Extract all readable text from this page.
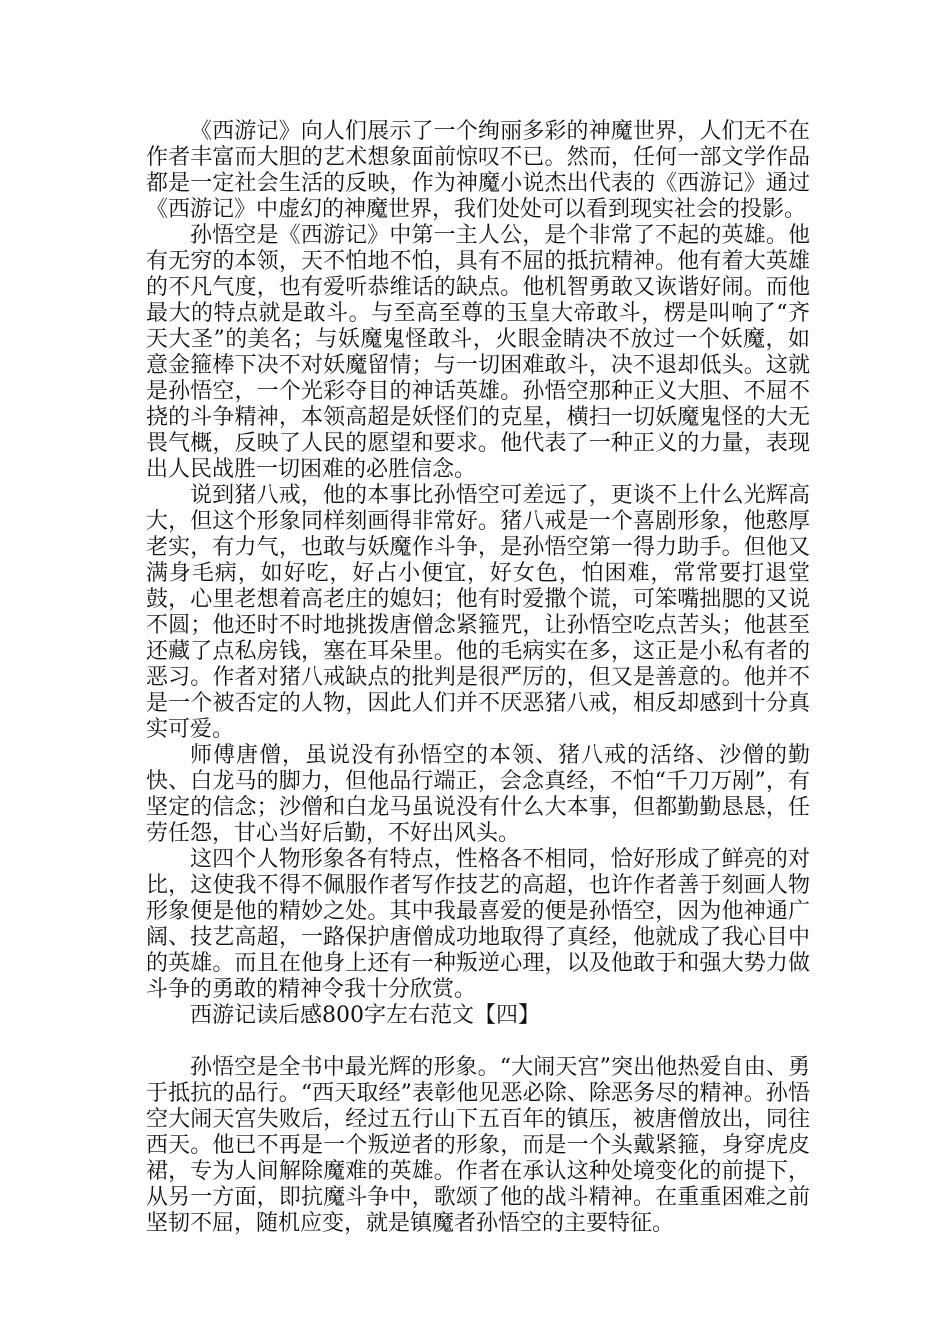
《西游记》向人们展示了一个绚丽多彩的神魔世界，人们无不在作者丰富而大胆的艺术想象面前惊叹不已。然而，任何一部文学作品都是一定社会生活的反映，作为神魔小说杰出代表的《西游记》通过《西游记》中虚幻的神魔世界，我们处处可以看到现实社会的投影。

孙悟空是《西游记》中第一主人公，是个非常了不起的英雄。他有无穷的本领，天不怕地不怕，具有不屈的抵抗精神。他有着大英雄的不凡气度，也有爱听恭维话的缺点。他机智勇敢又诙谐好闹。而他最大的特点就是敢斗。与至高至尊的玉皇大帝敢斗，楞是叫响了“齐天大圣”的美名；与妖魔鬼怪敢斗，火眼金睛决不放过一个妖魔，如意金箍棒下决不对妖魔留情；与一切困难敢斗，决不退却低头。这就是孙悟空，一个光彩夺目的神话英雄。孙悟空那种正义大胆、不屈不挠的斗争精神，本领高超是妖怪们的克星，横扫一切妖魔鬼怪的大无畏气概，反映了人民的愿望和要求。他代表了一种正义的力量，表现出人民战胜一切困难的必胜信念。

说到猪八戒，他的本事比孙悟空可差远了，更谈不上什么光辉高大，但这个形象同样刻画得非常好。猪八戒是一个喜剧形象，他憨厚老实，有力气，也敢与妖魔作斗争，是孙悟空第一得力助手。但他又满身毛病，如好吃，好占小便宜，好女色，怕困难，常常要打退堂鼓，心里老想着高老庄的媳妇；他有时爱撒个谎，可笨嘴拙腮的又说不圆；他还时不时地挑拨唐僧念紧箍咒，让孙悟空吃点苦头；他甚至还藏了点私房钱，塞在耳朵里。他的毛病实在多，这正是小私有者的恶习。作者对猪八戒缺点的批判是很严厉的，但又是善意的。他并不是一个被否定的人物，因此人们并不厌恶猪八戒，相反却感到十分真实可爱。

师傅唐僧，虽说没有孙悟空的本领、猪八戒的活络、沙僧的勤快、白龙马的脚力，但他品行端正，会念真经，不怕“千刀万剐”，有坚定的信念；沙僧和白龙马虽说没有什么大本事，但都勤勤恳恳，任劳任怨，甘心当好后勤，不好出风头。

这四个人物形象各有特点，性格各不相同，恰好形成了鲜亮的对比，这使我不得不佩服作者写作技艺的高超，也许作者善于刻画人物形象便是他的精妙之处。其中我最喜爱的便是孙悟空，因为他神通广阔、技艺高超，一路保护唐僧成功地取得了真经，他就成了我心目中的英雄。而且在他身上还有一种叛逆心理，以及他敢于和强大势力做斗争的勇敢的精神令我十分欣赏。

西游记读后感800字左右范文【四】

孙悟空是全书中最光辉的形象。“大闹天宫”突出他热爱自由、勇于抵抗的品行。“西天取经”表彰他见恶必除、除恶务尽的精神。孙悟空大闹天宫失败后，经过五行山下五百年的镇压，被唐僧放出，同往西天。他已不再是一个叛逆者的形象，而是一个头戴紧箍，身穿虎皮裙，专为人间解除魔难的英雄。作者在承认这种处境变化的前提下，从另一方面，即抗魔斗争中，歌颂了他的战斗精神。在重重困难之前坚韧不屈，随机应变，就是镇魔者孙悟空的主要特征。
